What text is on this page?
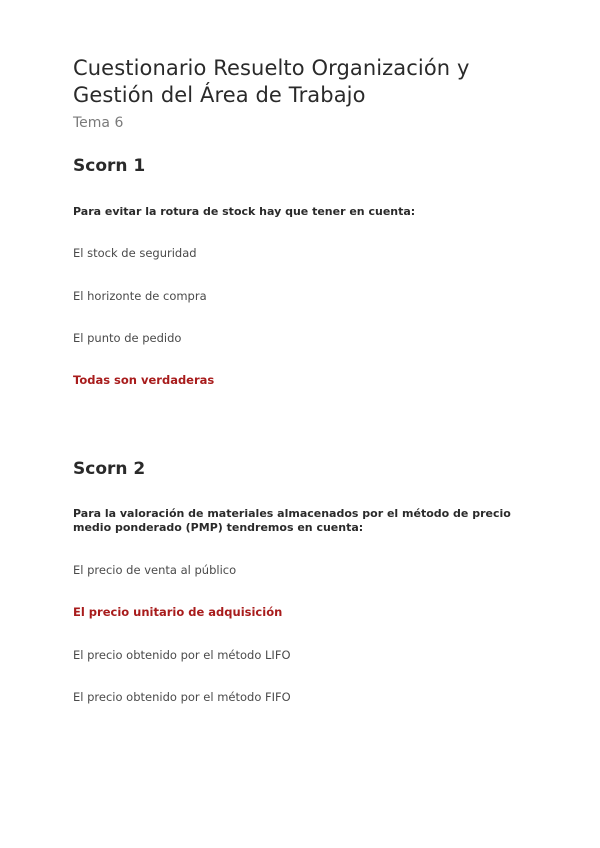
Cuestionario Resuelto Organización y Gestión del Área de Trabajo
Tema 6
Scorn 1

Para evitar la rotura de stock hay que tener en cuenta:

El stock de seguridad

El horizonte de compra

El punto de pedido

Todas son verdaderas

Scorn 2

Para la valoración de materiales almacenados por el método de precio medio ponderado (PMP) tendremos en cuenta:

El precio de venta al público

El precio unitario de adquisición

El precio obtenido por el método LIFO

El precio obtenido por el método FIFO
